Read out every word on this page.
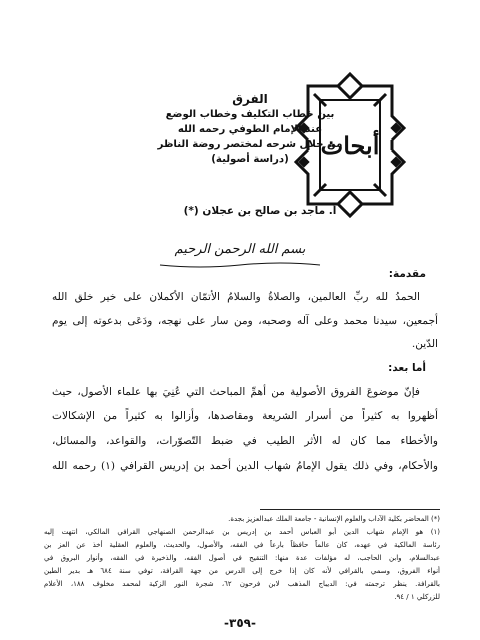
أبحاث
الفرق
بين خطاب التكليف وخطاب الوضع
عند الإمام الطوفي رحمه الله
من خلال شرحه لمختصر روضة الناظر
(دراسة أصولية)
أ. ماجد بن صالح بن عجلان (*)
بسم الله الرحمن الرحيم
مقدمة:
الحمدُ لله ربِّ العالمين، والصلاةُ والسلامُ الأتمّان الأكملان على خير خلق الله
أجمعين، سيدنا محمد وعلى آله وصحبه، ومن سار على نهجه، ودَعَى بدعوته إلى يوم
الدّين.
أما بعد:
فإنّ موضوعَ الفروق الأصولية من أهمِّ المباحث التي عُنِيَ بها علماء الأصول، حيث
أظهروا به كثيراً من أسرار الشريعة ومقاصدها، وأزالوا به كثيراً من الإشكالات
والأخطاء مما كان له الأثر الطيب في ضبط التّصوّرات، والقواعد، والمسائل،
والأحكام، وفي ذلك يقول الإمامُ شهاب الدين أحمد بن إدريس القرافي (١) رحمه الله
(*) المحاضر بكلية الآداب والعلوم الإنسانية - جامعة الملك عبدالعزيز بجدة.
(١) هو الإمام شهاب الدين أبو العباس أحمد بن إدريس بن عبدالرحمن الصنهاجي القرافي المالكي، انتهت إليه
رئاسة المالكية في عهده، كان عالماً حافظاً بارعاً في الفقه، والأصول، والحديث، والعلوم العقلية أخذ عن العز بن
عبدالسلام، وابن الحاجب، له مؤلفات عدة منها: التنقيح في أصول الفقه، والذخيرة في الفقه، وأنوار البروق في
أنواء الفروق، وسمي بالقرافي لأنه كان إذا خرج إلى الدرس من جهة القرافة، توفي سنة ٦٨٤ هـ بدير الطين
بالقرافة. ينظر ترجمته في: الديباج المذهب لابن فرحون ٦٢، شجرة النور الزكية لمحمد مخلوف ١٨٨، الأعلام
للزركلي ١ / ٩٤.
-٣٥٩-
